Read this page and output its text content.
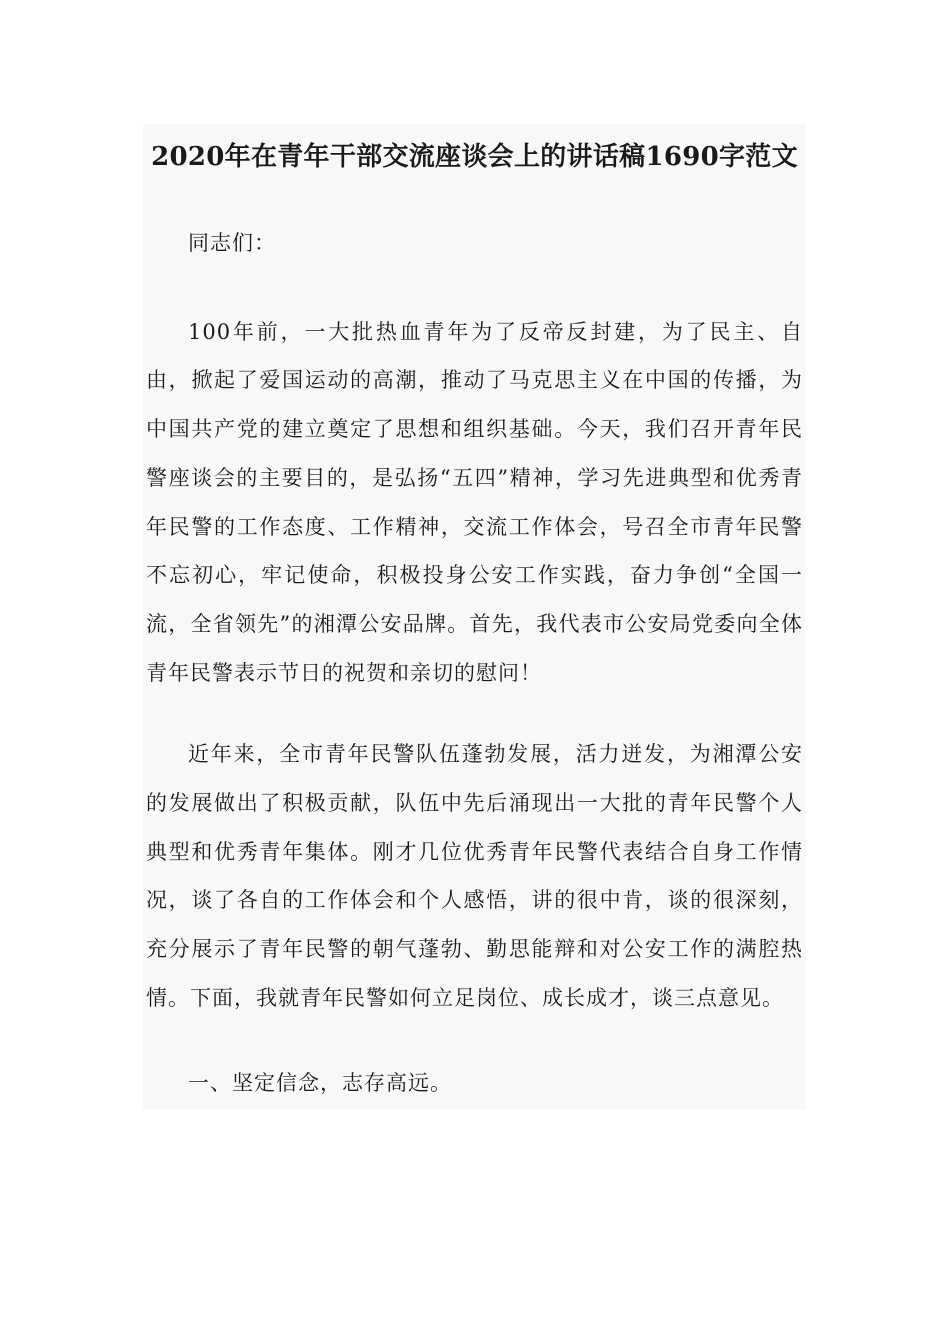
2020年在青年干部交流座谈会上的讲话稿1690字范文

同志们：

100年前，一大批热血青年为了反帝反封建，为了民主、自由，掀起了爱国运动的高潮，推动了马克思主义在中国的传播，为中国共产党的建立奠定了思想和组织基础。今天，我们召开青年民警座谈会的主要目的，是弘扬“五四”精神，学习先进典型和优秀青年民警的工作态度、工作精神，交流工作体会，号召全市青年民警不忘初心，牢记使命，积极投身公安工作实践，奋力争创“全国一流，全省领先”的湘潭公安品牌。首先，我代表市公安局党委向全体青年民警表示节日的祝贺和亲切的慰问！

近年来，全市青年民警队伍蓬勃发展，活力迸发，为湘潭公安的发展做出了积极贡献，队伍中先后涌现出一大批的青年民警个人典型和优秀青年集体。刚才几位优秀青年民警代表结合自身工作情况，谈了各自的工作体会和个人感悟，讲的很中肯，谈的很深刻，充分展示了青年民警的朝气蓬勃、勤思能辩和对公安工作的满腔热情。下面，我就青年民警如何立足岗位、成长成才，谈三点意见。

一、坚定信念，志存高远。
